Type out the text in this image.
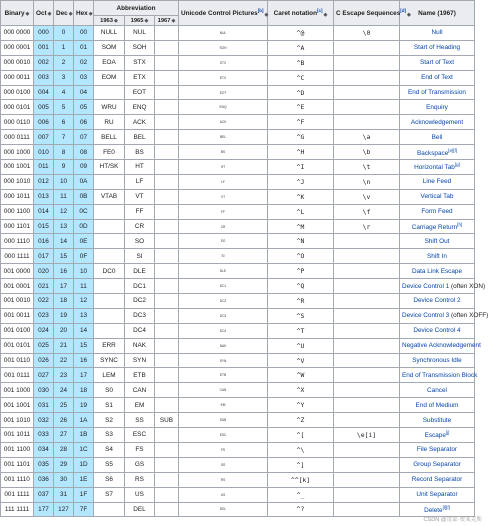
Binary◆	Oct◆	Dec◆	Hex◆	Abbreviation			Unicode Control Pictures[b]◆	Caret notation[c]◆	C Escape Sequences[d]◆	Name (1967)
				1963◆	1965◆	1967◆				
000 0000	000	0	00	NULL	NUL		NUL	^@	\0	Null
000 0001	001	1	01	SOM	SOH		SOH	^A		Start of Heading
000 0010	002	2	02	EOA	STX		STX	^B		Start of Text
000 0011	003	3	03	EOM	ETX		ETX	^C		End of Text
000 0100	004	4	04		EOT		EOT	^D		End of Transmission
000 0101	005	5	05	WRU	ENQ		ENQ	^E		Enquiry
000 0110	006	6	06	RU	ACK		ACK	^F		Acknowledgement
000 0111	007	7	07	BELL	BEL		BEL	^G	\a	Bell
000 1000	010	8	08	FE0	BS		BS	^H	\b	Backspace[e][f]
000 1001	011	9	09	HT/SK	HT		HT	^I	\t	Horizontal Tab[g]
000 1010	012	10	0A		LF		LF	^J	\n	Line Feed
000 1011	013	11	0B	VTAB	VT		VT	^K	\v	Vertical Tab
000 1100	014	12	0C		FF		FF	^L	\f	Form Feed
000 1101	015	13	0D		CR		CR	^M	\r	Carriage Return[h]
000 1110	016	14	0E		SO		SO	^N		Shift Out
000 1111	017	15	0F		SI		SI	^O		Shift In
001 0000	020	16	10	DC0	DLE		DLE	^P		Data Link Escape
001 0001	021	17	11		DC1		DC1	^Q		Device Control 1 (often XON)
001 0010	022	18	12		DC2		DC2	^R		Device Control 2
001 0011	023	19	13		DC3		DC3	^S		Device Control 3 (often XOFF)
001 0100	024	20	14		DC4		DC4	^T		Device Control 4
001 0101	025	21	15	ERR	NAK		NAK	^U		Negative Acknowledgement
001 0110	026	22	16	SYNC	SYN		SYN	^V		Synchronous Idle
001 0111	027	23	17	LEM	ETB		ETB	^W		End of Transmission Block
001 1000	030	24	18	S0	CAN		CAN	^X		Cancel
001 1001	031	25	19	S1	EM		EM	^Y		End of Medium
001 1010	032	26	1A	S2	SS	SUB	SUB	^Z		Substitute
001 1011	033	27	1B	S3	ESC		ESC	^[	\e[i]	Escape[j]
001 1100	034	28	1C	S4	FS		FS	^\		File Separator
001 1101	035	29	1D	S5	GS		GS	^]		Group Separator
001 1110	036	30	1E	S6	RS		RS	^^[k]		Record Separator
001 1111	037	31	1F	S7	US		US	^_		Unit Separator
111 1111	177	127	7F		DEL		DEL	^?		Delete[l][f]
CSDN @雷蒙·贾莱克斯
